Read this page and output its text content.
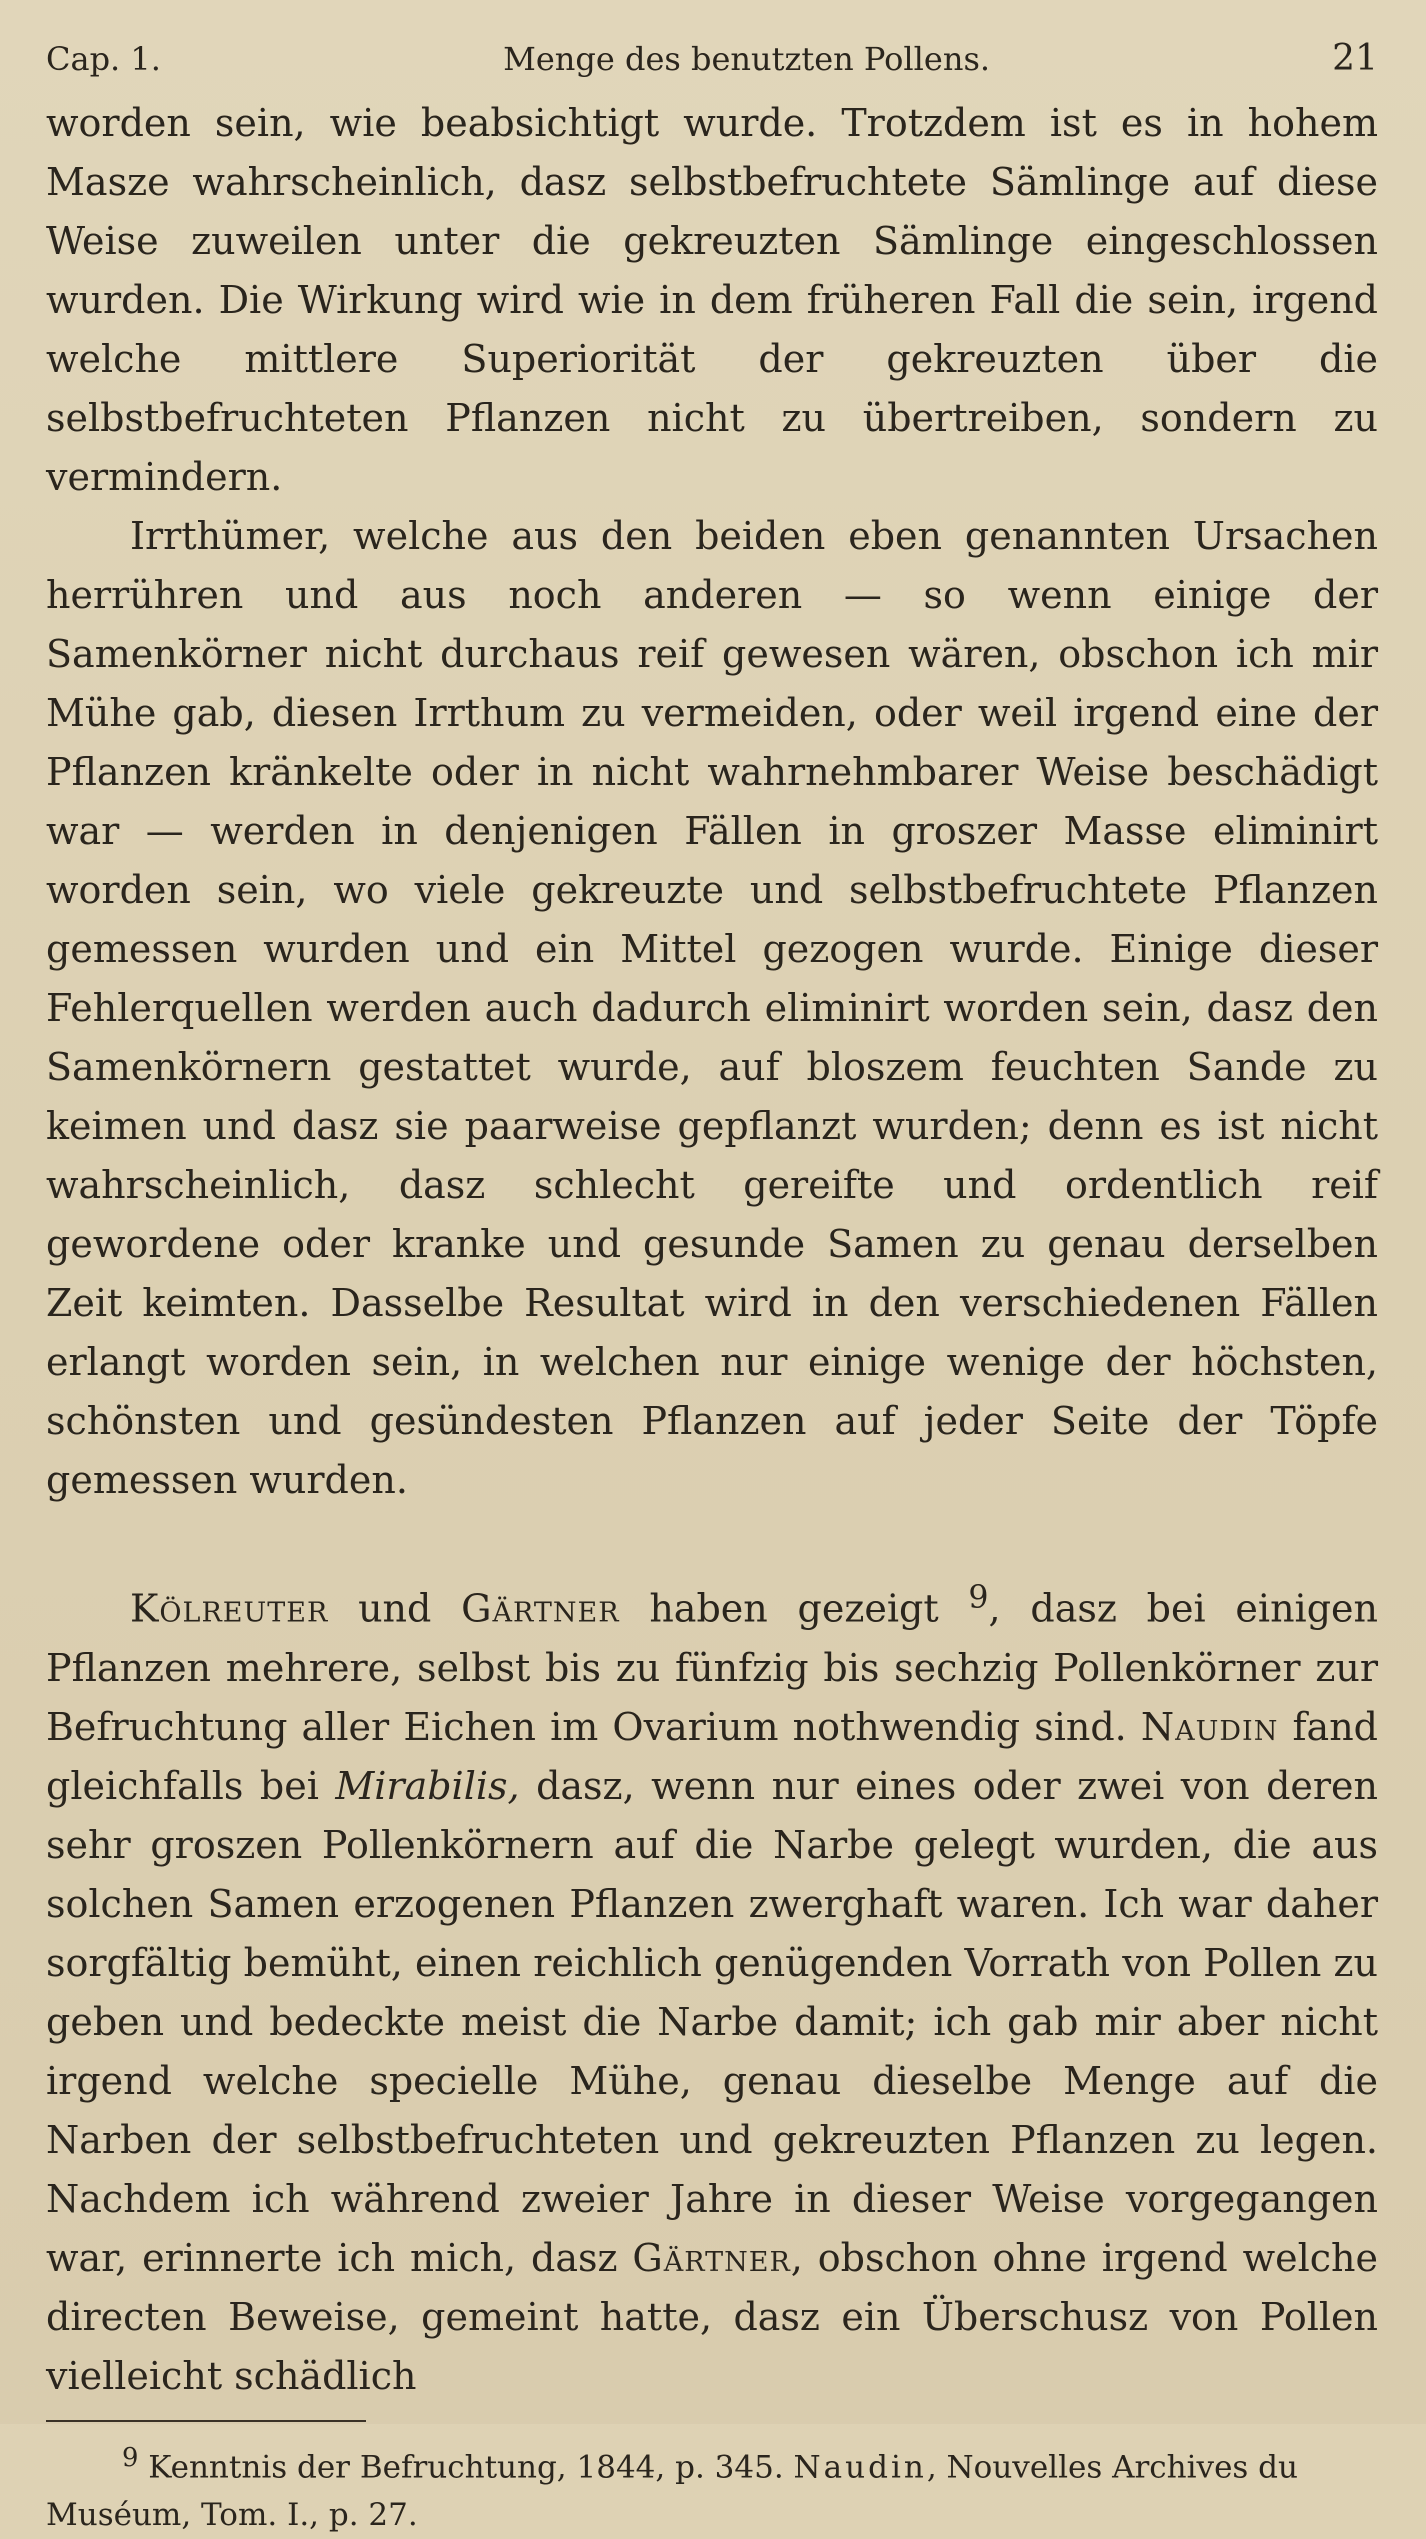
Cap. 1.	Menge des benutzten Pollens.	21

worden sein, wie beabsichtigt wurde. Trotzdem ist es in hohem Masze wahrscheinlich, dasz selbstbefruchtete Sämlinge auf diese Weise zuweilen unter die gekreuzten Sämlinge eingeschlossen wurden. Die Wirkung wird wie in dem früheren Fall die sein, irgend welche mittlere Superiorität der gekreuzten über die selbstbefruchteten Pflanzen nicht zu übertreiben, sondern zu vermindern.

Irrthümer, welche aus den beiden eben genannten Ursachen herrühren und aus noch anderen — so wenn einige der Samenkörner nicht durchaus reif gewesen wären, obschon ich mir Mühe gab, diesen Irrthum zu vermeiden, oder weil irgend eine der Pflanzen kränkelte oder in nicht wahrnehmbarer Weise beschädigt war — werden in denjenigen Fällen in groszer Masse eliminirt worden sein, wo viele gekreuzte und selbstbefruchtete Pflanzen gemessen wurden und ein Mittel gezogen wurde. Einige dieser Fehlerquellen werden auch dadurch eliminirt worden sein, dasz den Samenkörnern gestattet wurde, auf bloszem feuchten Sande zu keimen und dasz sie paarweise gepflanzt wurden; denn es ist nicht wahrscheinlich, dasz schlecht gereifte und ordentlich reif gewordene oder kranke und gesunde Samen zu genau derselben Zeit keimten. Dasselbe Resultat wird in den verschiedenen Fällen erlangt worden sein, in welchen nur einige wenige der höchsten, schönsten und gesündesten Pflanzen auf jeder Seite der Töpfe gemessen wurden.

Kölreuter und Gärtner haben gezeigt $^9$, dasz bei einigen Pflanzen mehrere, selbst bis zu fünfzig bis sechzig Pollenkörner zur Befruchtung aller Eichen im Ovarium nothwendig sind. Naudin fand gleichfalls bei Mirabilis, dasz, wenn nur eines oder zwei von deren sehr groszen Pollenkörnern auf die Narbe gelegt wurden, die aus solchen Samen erzogenen Pflanzen zwerghaft waren. Ich war daher sorgfältig bemüht, einen reichlich genügenden Vorrath von Pollen zu geben und bedeckte meist die Narbe damit; ich gab mir aber nicht irgend welche specielle Mühe, genau dieselbe Menge auf die Narben der selbstbefruchteten und gekreuzten Pflanzen zu legen. Nachdem ich während zweier Jahre in dieser Weise vorgegangen war, erinnerte ich mich, dasz Gärtner, obschon ohne irgend welche directen Beweise, gemeint hatte, dasz ein Überschusz von Pollen vielleicht schädlich

$^9$ Kenntnis der Befruchtung, 1844, p. 345. Naudin, Nouvelles Archives du Muséum, Tom. I., p. 27.
